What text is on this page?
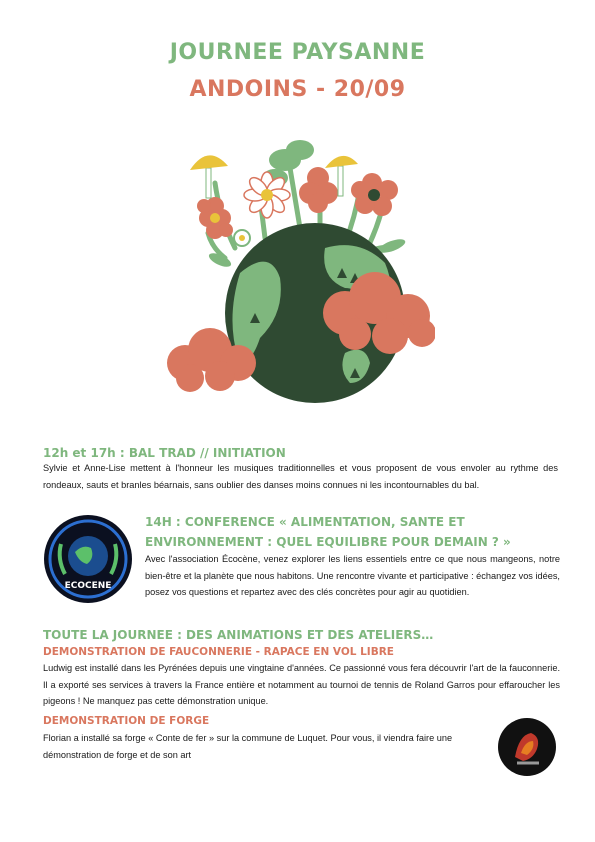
JOURNEE PAYSANNE
ANDOINS - 20/09
12h et 17h : BAL TRAD // INITIATION
Sylvie et Anne-Lise mettent à l'honneur les musiques traditionnelles et vous proposent de vous envoler au rythme des rondeaux, sauts et branles béarnais, sans oublier des danses moins connues ni les incontournables du bal.
ECOCENE
14H : CONFERENCE « ALIMENTATION, SANTE ET
ENVIRONNEMENT : QUEL EQUILIBRE POUR DEMAIN ? »
Avec l'association Écocène, venez explorer les liens essentiels entre ce que nous mangeons, notre bien-être et la planète que nous habitons. Une rencontre vivante et participative : échangez vos idées, posez vos questions et repartez avec des clés concrètes pour agir au quotidien.
TOUTE LA JOURNEE : DES ANIMATIONS ET DES ATELIERS…
DEMONSTRATION DE FAUCONNERIE - RAPACE EN VOL LIBRE
Ludwig est installé dans les Pyrénées depuis une vingtaine d'années. Ce passionné vous fera découvrir l'art de la fauconnerie. Il a exporté ses services à travers la France entière et notamment au tournoi de tennis de Roland Garros pour effaroucher les pigeons ! Ne manquez pas cette démonstration unique.
DEMONSTRATION DE FORGE
Florian a installé sa forge « Conte de fer » sur la commune de Luquet. Pour vous, il viendra faire une démonstration de forge et de son art
